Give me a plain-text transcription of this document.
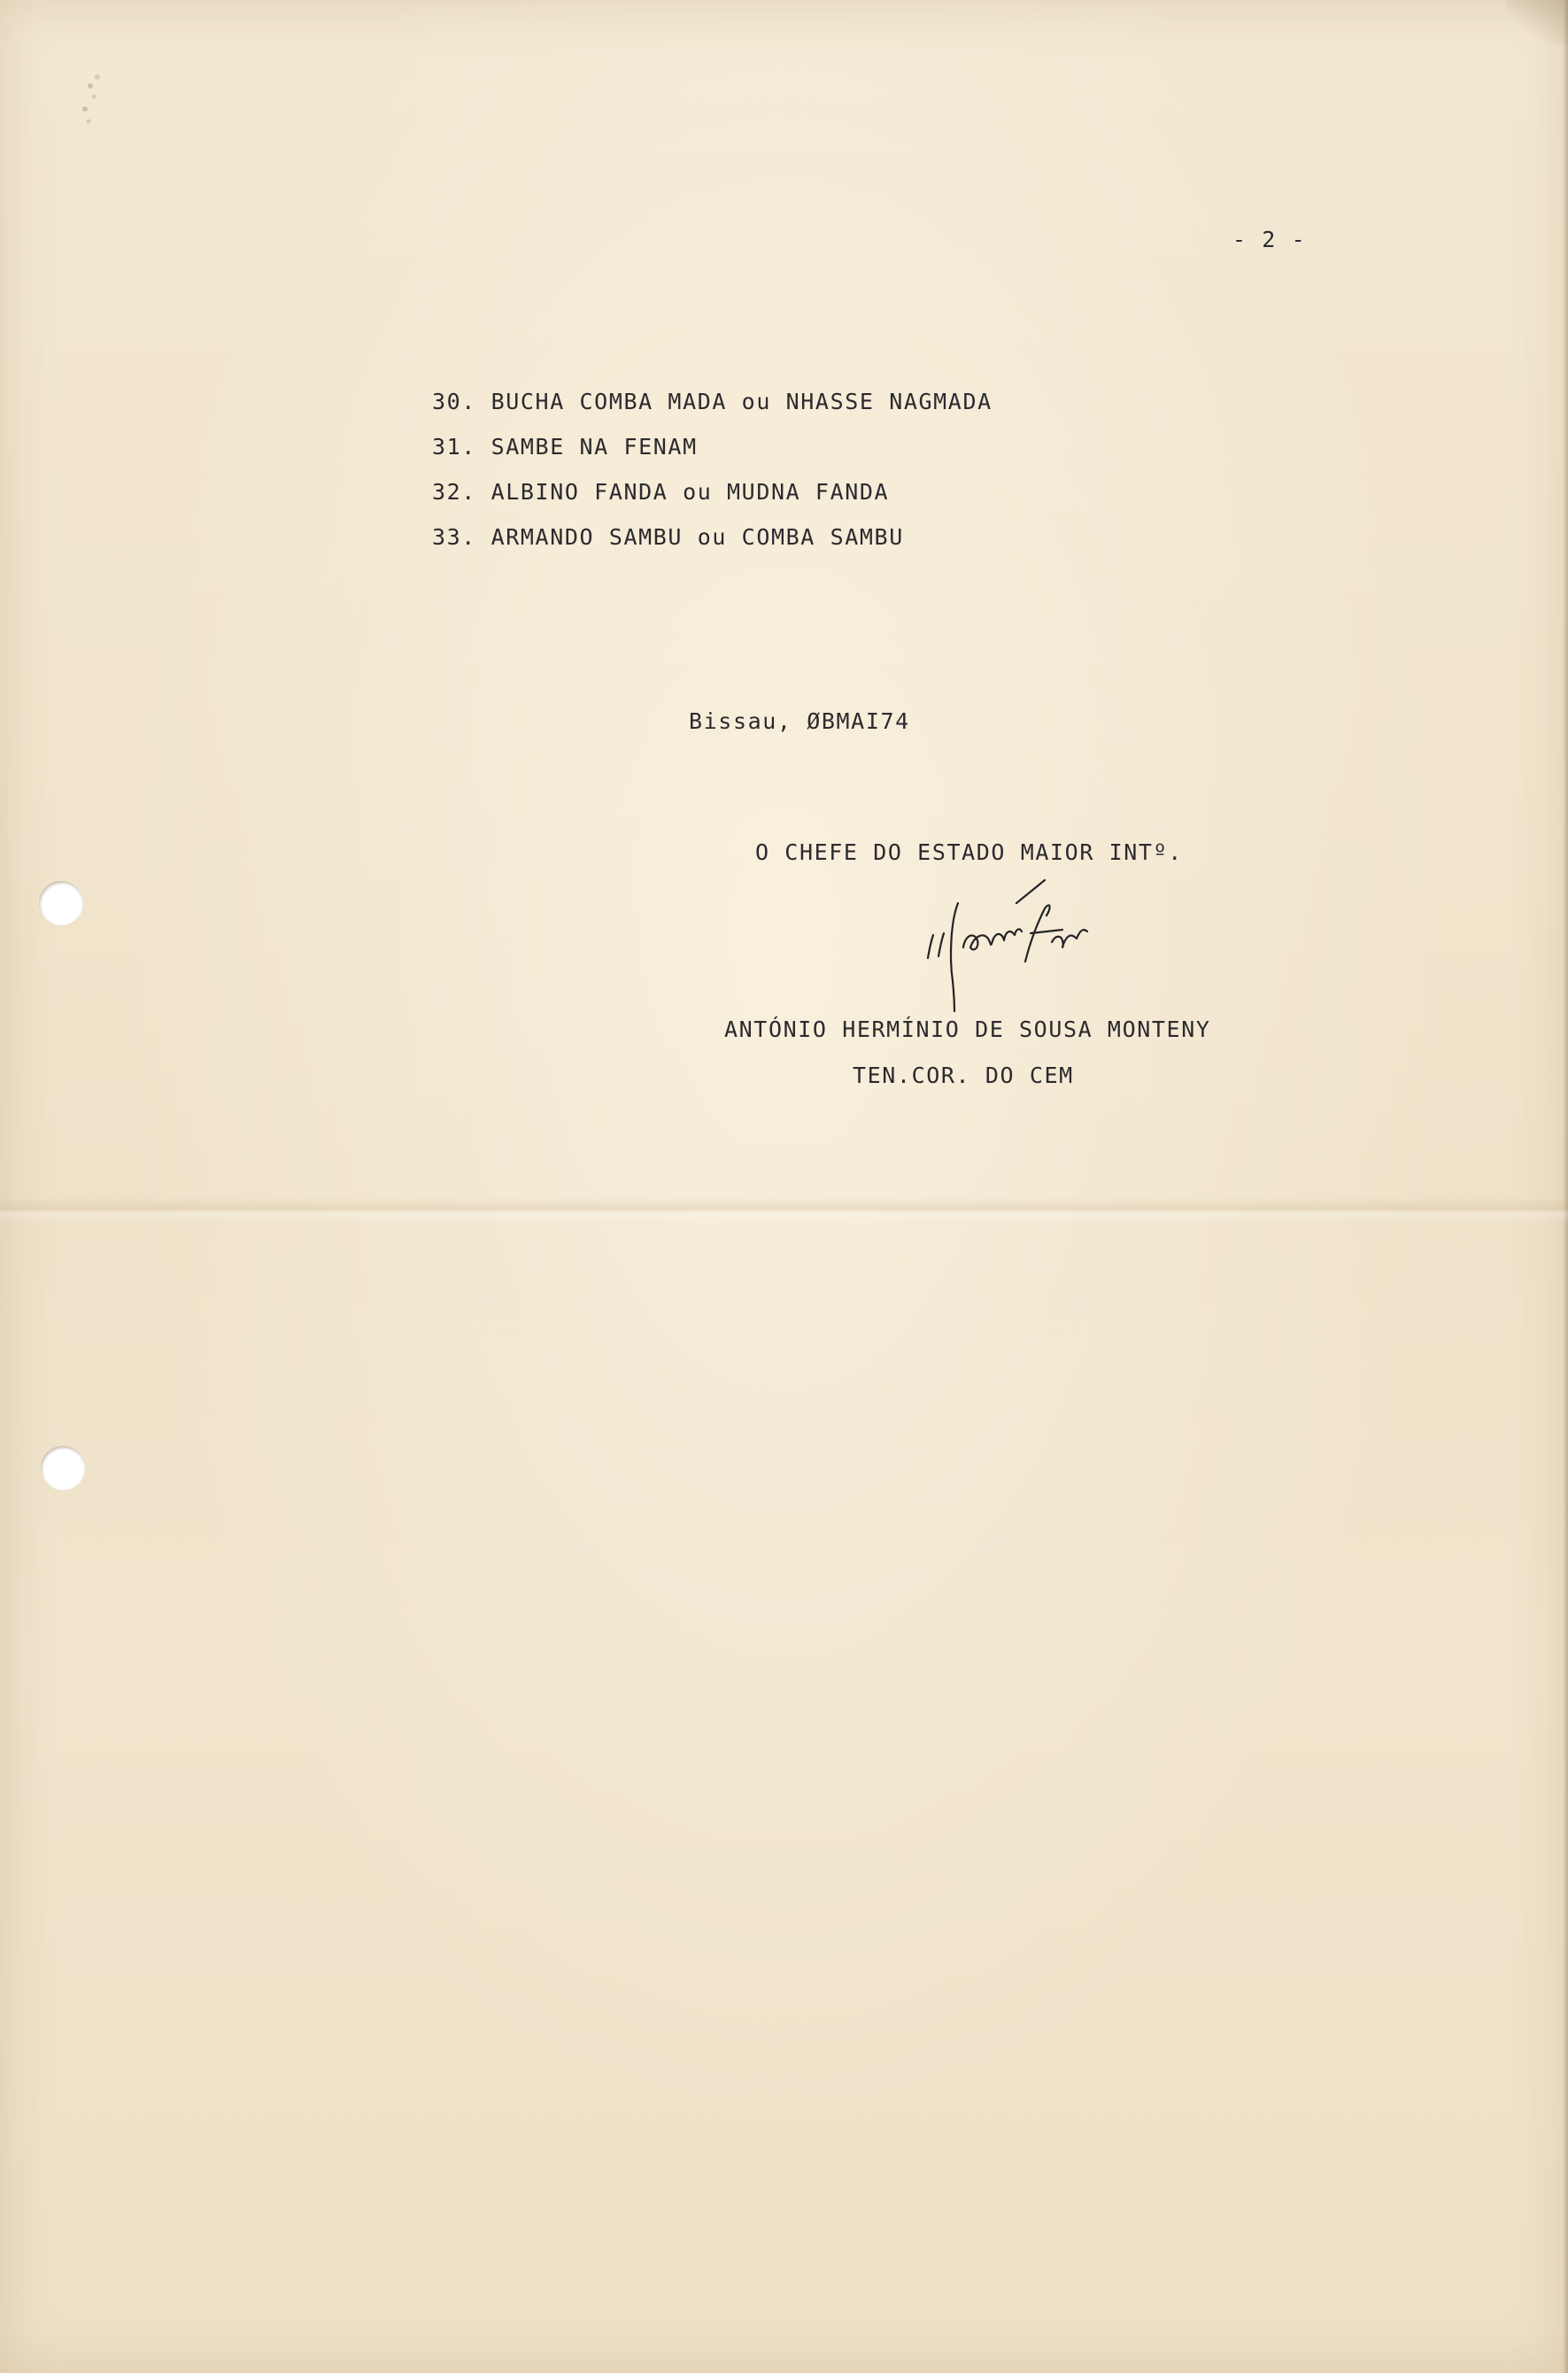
- 2 -
30. BUCHA COMBA MADA ou NHASSE NAGMADA
31. SAMBE NA FENAM
32. ALBINO FANDA ou MUDNA FANDA
33. ARMANDO SAMBU ou COMBA SAMBU
Bissau, ØBMAI74
O CHEFE DO ESTADO MAIOR INTº.
ANTÓNIO HERMÍNIO DE SOUSA MONTENY
TEN.COR. DO CEM
